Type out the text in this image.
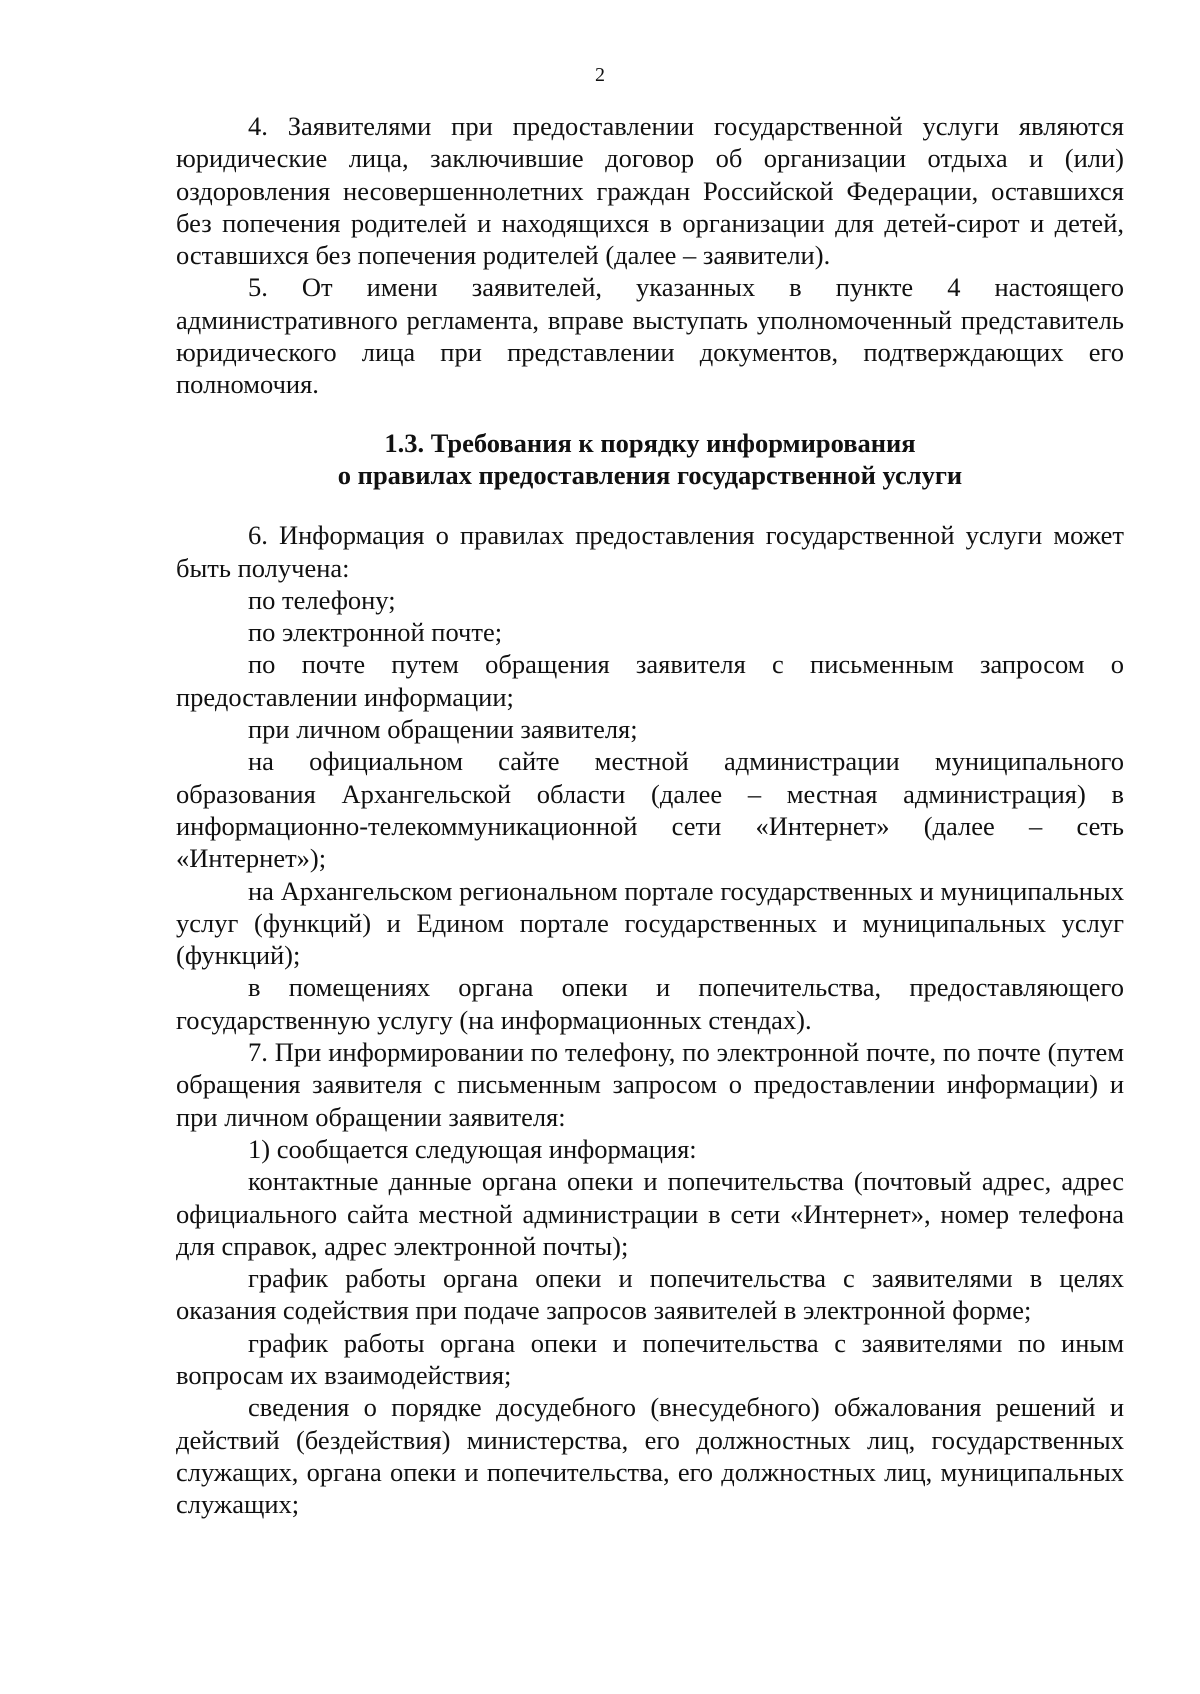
2

4. Заявителями при предоставлении государственной услуги являются юридические лица, заключившие договор об организации отдыха и (или) оздоровления несовершеннолетних граждан Российской Федерации, оставшихся без попечения родителей и находящихся в организации для детей-сирот и детей, оставшихся без попечения родителей (далее – заявители).

5. От имени заявителей, указанных в пункте 4 настоящего административного регламента, вправе выступать уполномоченный представитель юридического лица при представлении документов, подтверждающих его полномочия.

1.3. Требования к порядку информирования
о правилах предоставления государственной услуги

6. Информация о правилах предоставления государственной услуги может быть получена:

по телефону;

по электронной почте;

по почте путем обращения заявителя с письменным запросом о предоставлении информации;

при личном обращении заявителя;

на официальном сайте местной администрации муниципального образования Архангельской области (далее – местная администрация) в информационно-телекоммуникационной сети «Интернет» (далее – сеть «Интернет»);

на Архангельском региональном портале государственных и муниципальных услуг (функций) и Едином портале государственных и муниципальных услуг (функций);

в помещениях органа опеки и попечительства, предоставляющего государственную услугу (на информационных стендах).

7. При информировании по телефону, по электронной почте, по почте (путем обращения заявителя с письменным запросом о предоставлении информации) и при личном обращении заявителя:

1) сообщается следующая информация:

контактные данные органа опеки и попечительства (почтовый адрес, адрес официального сайта местной администрации в сети «Интернет», номер телефона для справок, адрес электронной почты);

график работы органа опеки и попечительства с заявителями в целях оказания содействия при подаче запросов заявителей в электронной форме;

график работы органа опеки и попечительства с заявителями по иным вопросам их взаимодействия;

сведения о порядке досудебного (внесудебного) обжалования решений и действий (бездействия) министерства, его должностных лиц, государственных служащих, органа опеки и попечительства, его должностных лиц, муниципальных служащих;
